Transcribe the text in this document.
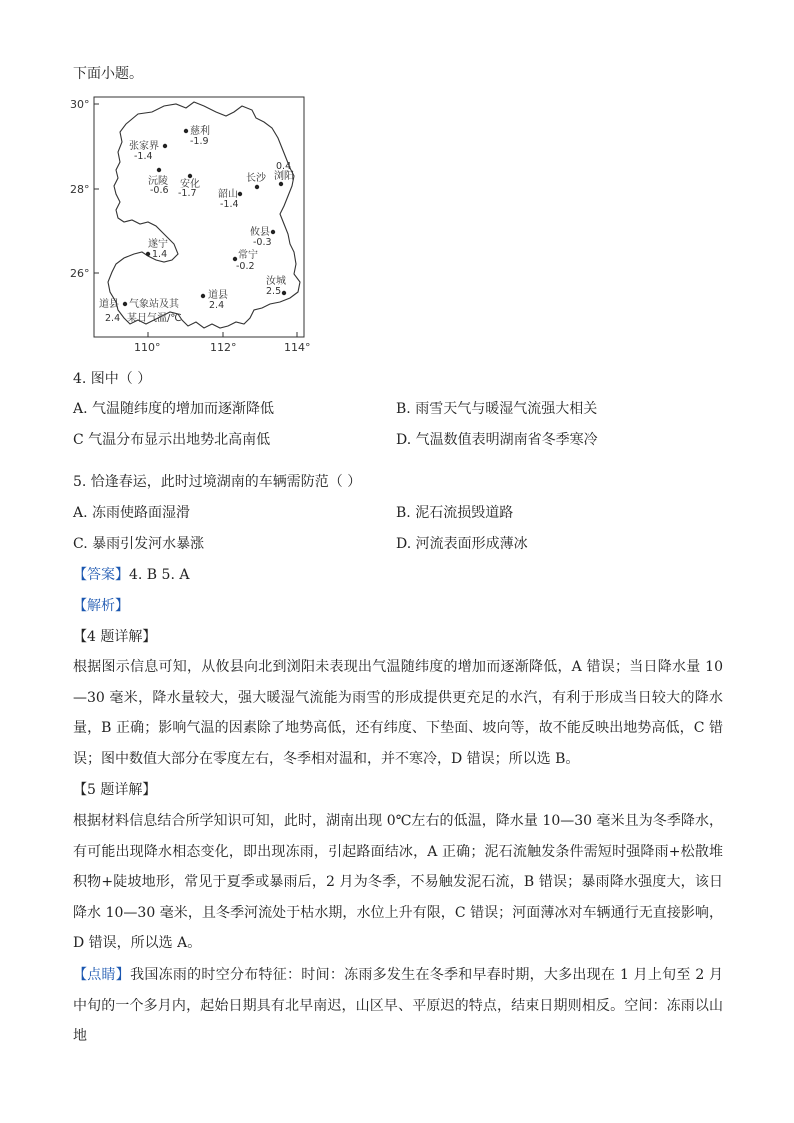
下面小题。
30°
28°
26°
110°	112°	114°
慈利
-1.9
张家界
-1.4
沅陵
-0.6
安化
-1.7 韶山
-1.4
长沙
0.4
浏阳
攸县
-0.3
常宁
-0.2
遂宁
1.4
汝城
2.5
道县
2.4
道县
2.4
气象站及其
某日气温/℃
4. 图中（ ）
A. 气温随纬度的增加而逐渐降低	B. 雨雪天气与暖湿气流强大相关
C 气温分布显示出地势北高南低	D. 气温数值表明湖南省冬季寒冷
5. 恰逢春运，此时过境湖南的车辆需防范（ ）
A. 冻雨使路面湿滑	B. 泥石流损毁道路
C. 暴雨引发河水暴涨	D. 河流表面形成薄冰
【答案】4. B 5. A
【解析】
【4 题详解】
根据图示信息可知，从攸县向北到浏阳未表现出气温随纬度的增加而逐渐降低，A 错误；当日降水量 10—30 毫米，降水量较大，强大暖湿气流能为雨雪的形成提供更充足的水汽，有利于形成当日较大的降水量，B 正确；影响气温的因素除了地势高低，还有纬度、下垫面、坡向等，故不能反映出地势高低，C 错误；图中数值大部分在零度左右，冬季相对温和，并不寒冷，D 错误；所以选 B。
【5 题详解】
根据材料信息结合所学知识可知，此时，湖南出现 0℃左右的低温，降水量 10—30 毫米且为冬季降水，有可能出现降水相态变化，即出现冻雨，引起路面结冰，A 正确；泥石流触发条件需短时强降雨+松散堆积物+陡坡地形，常见于夏季或暴雨后，2 月为冬季，不易触发泥石流，B 错误；暴雨降水强度大，该日降水 10—30 毫米，且冬季河流处于枯水期，水位上升有限，C 错误；河面薄冰对车辆通行无直接影响，D 错误，所以选 A。
【点睛】我国冻雨的时空分布特征：时间：冻雨多发生在冬季和早春时期，大多出现在 1 月上旬至 2 月中旬的一个多月内，起始日期具有北早南迟，山区早、平原迟的特点，结束日期则相反。空间：冻雨以山地
